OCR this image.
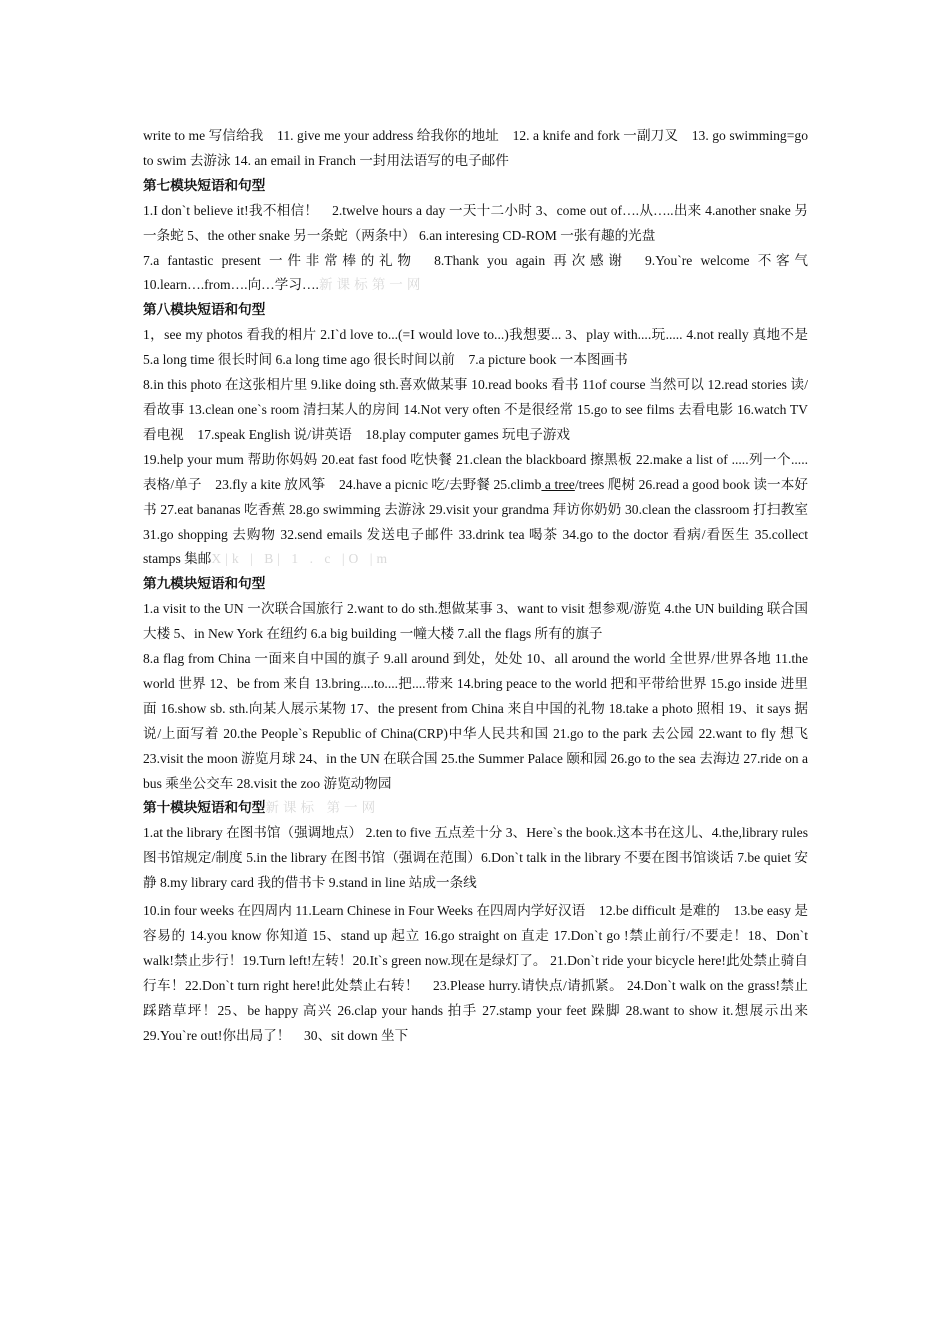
write to me 写信给我　11. give me your address 给我你的地址　12. a knife and fork 一副刀叉　13. go swimming=go to swim 去游泳 14. an email in Franch 一封用法语写的电子邮件

第七模块短语和句型

1.I don`t believe it!我不相信！　2.twelve hours a day 一天十二小时 3、come out of….从…..出来 4.another snake 另一条蛇 5、the other snake 另一条蛇（两条中） 6.an interesing CD-ROM 一张有趣的光盘

7.a fantastic present 一件非常棒的礼物　8.Thank you again 再次感谢　9.You`re welcome 不客气　10.learn….from….向…学习….新课标第一网

第八模块短语和句型

1，see my photos 看我的相片 2.I`d love to...(=I would love to...)我想要... 3、play with....玩..... 4.not really 真地不是 5.a long time 很长时间 6.a long time ago 很长时间以前　7.a picture book 一本图画书

8.in this photo 在这张相片里 9.like doing sth.喜欢做某事 10.read books 看书 11of course 当然可以 12.read stories 读/看故事 13.clean one`s room 清扫某人的房间 14.Not very often 不是很经常 15.go to see films 去看电影 16.watch TV 看电视　17.speak English 说/讲英语　18.play computer games 玩电子游戏

19.help your mum 帮助你妈妈 20.eat fast food 吃快餐 21.clean the blackboard 擦黑板 22.make a list of .....列一个.....表格/单子　23.fly a kite 放风筝　24.have a picnic 吃/去野餐 25.climb a tree/trees 爬树 26.read a good book 读一本好书 27.eat bananas 吃香蕉 28.go swimming 去游泳 29.visit your grandma 拜访你奶奶 30.clean the classroom 打扫教室 31.go shopping 去购物 32.send emails 发送电子邮件 33.drink tea 喝茶 34.go to the doctor 看病/看医生 35.collect stamps 集邮X|k | B| 1 . c |O |m

第九模块短语和句型

1.a visit to the UN 一次联合国旅行 2.want to do sth.想做某事 3、want to visit 想参观/游览 4.the UN building 联合国大楼 5、in New York 在纽约 6.a big building 一幢大楼 7.all the flags 所有的旗子

8.a flag from China 一面来自中国的旗子 9.all around 到处，处处 10、all around the world 全世界/世界各地 11.the world 世界 12、be from 来自 13.bring....to....把....带来 14.bring peace to the world 把和平带给世界 15.go inside 进里面 16.show sb. sth.向某人展示某物 17、the present from China 来自中国的礼物 18.take a photo 照相 19、it says 据说/上面写着 20.the People`s Republic of China(CRP)中华人民共和国 21.go to the park 去公园 22.want to fly 想飞 23.visit the moon 游览月球 24、in the UN 在联合国 25.the Summer Palace 颐和园 26.go to the sea 去海边 27.ride on a bus 乘坐公交车 28.visit the zoo 游览动物园

第十模块短语和句型新课标 第一网

1.at the library 在图书馆（强调地点） 2.ten to five 五点差十分 3、Here`s the book.这本书在这儿、4.the,library rules 图书馆规定/制度 5.in the library 在图书馆（强调在范围）6.Don`t talk in the library 不要在图书馆谈话 7.be quiet 安静 8.my library card 我的借书卡 9.stand in line 站成一条线

10.in four weeks 在四周内 11.Learn Chinese in Four Weeks 在四周内学好汉语　12.be difficult 是难的　13.be easy 是容易的 14.you know 你知道 15、stand up 起立 16.go straight on 直走 17.Don`t go !禁止前行/不要走！18、Don`t walk!禁止步行！19.Turn left!左转！20.It`s green now.现在是绿灯了。 21.Don`t ride your bicycle here!此处禁止骑自行车！22.Don`t turn right here!此处禁止右转！　23.Please hurry.请快点/请抓紧。 24.Don`t walk on the grass!禁止踩踏草坪！25、be happy 高兴 26.clap your hands 拍手 27.stamp your feet 跺脚 28.want to show it.想展示出来 29.You`re out!你出局了！　30、sit down 坐下
